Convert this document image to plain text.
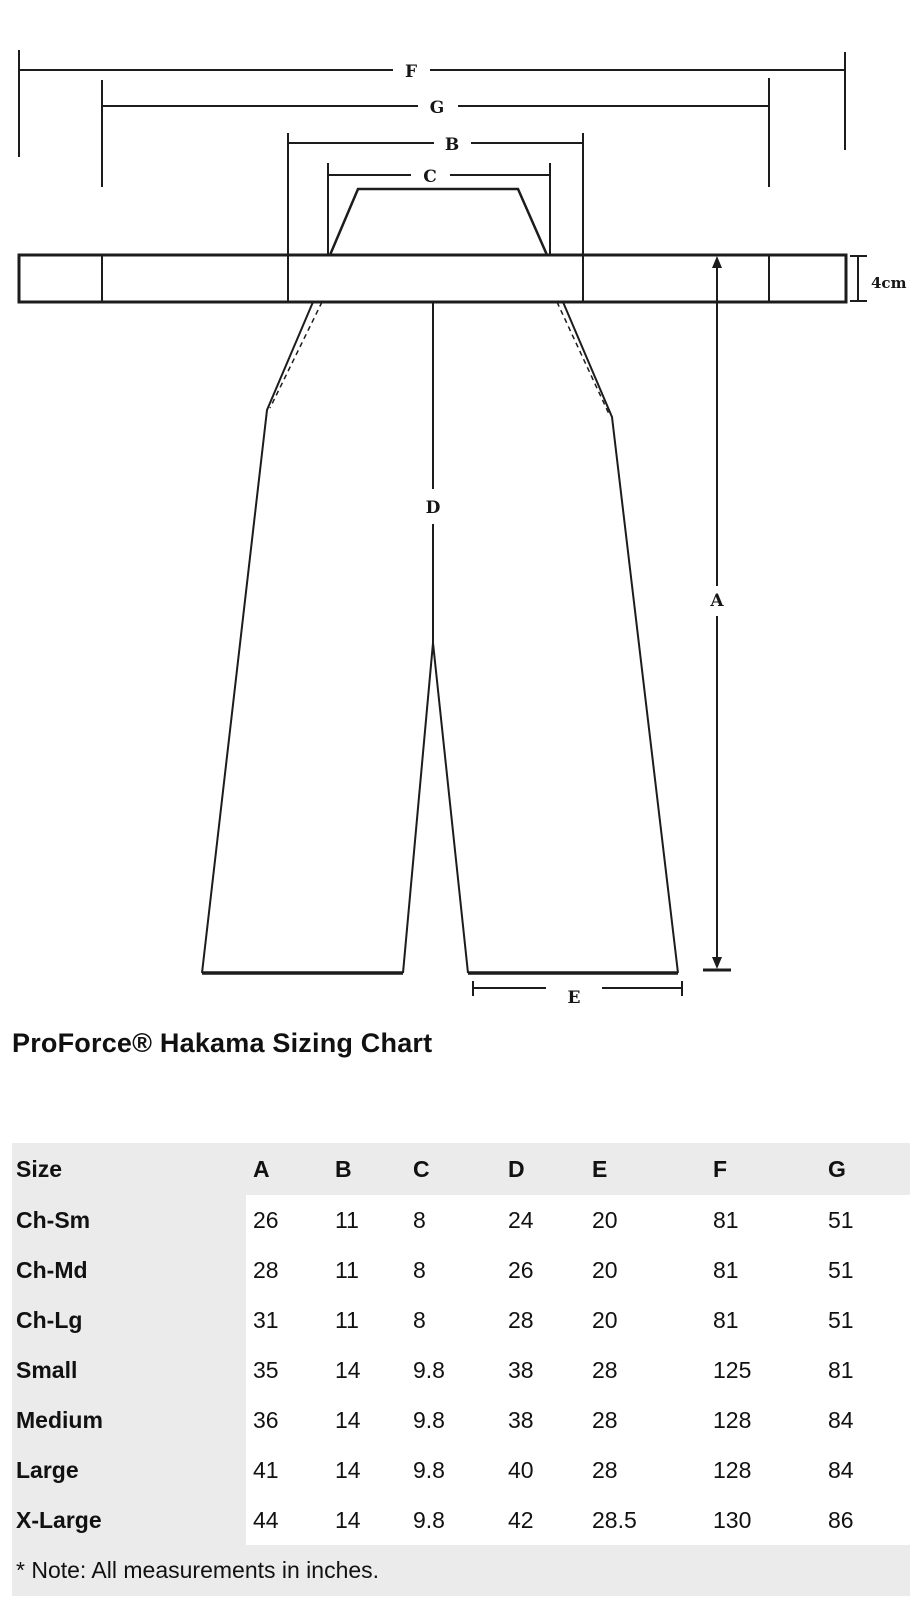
F
G
B
C
D
A
E
4cm
ProForce® Hakama Sizing Chart
Size	A	B	C	D	E	F	G
Ch-Sm	26	11	8	24	20	81	51
Ch-Md	28	11	8	26	20	81	51
Ch-Lg	31	11	8	28	20	81	51
Small	35	14	9.8	38	28	125	81
Medium	36	14	9.8	38	28	128	84
Large	41	14	9.8	40	28	128	84
X-Large	44	14	9.8	42	28.5	130	86
* Note: All measurements in inches.							
